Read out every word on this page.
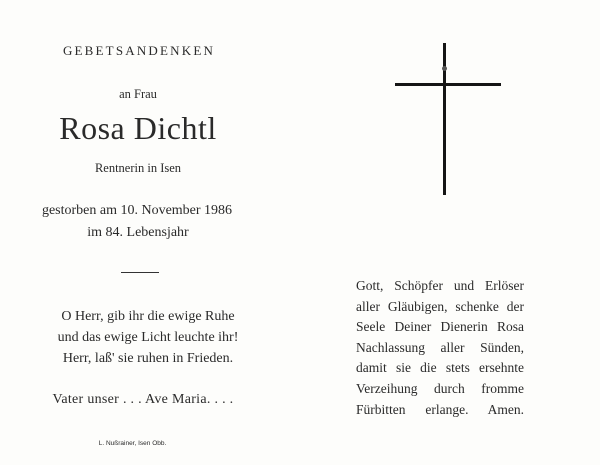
GEBETSANDENKEN
an Frau
Rosa Dichtl
Rentnerin in Isen
gestorben am 10. November 1986
im 84. Lebensjahr
O Herr, gib ihr die ewige Ruhe
und das ewige Licht leuchte ihr!
Herr, laß' sie ruhen in Frieden.
Vater unser . . . Ave Maria. . . .
L. Nußrainer, Isen Obb.
Gott, Schöpfer und Erlöser
aller Gläubigen, schenke der
Seele Deiner Dienerin Rosa
Nachlassung aller Sünden,
damit sie die stets ersehnte
Verzeihung durch fromme
Fürbitten erlange. Amen.
